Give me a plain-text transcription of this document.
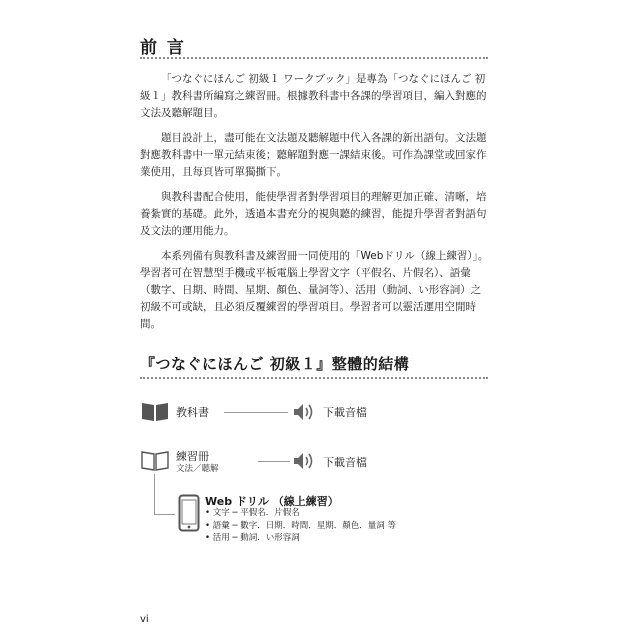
前 言

「つなぐにほんご 初級１ ワークブック」是專為「つなぐにほんご 初級１」教科書所編寫之練習冊。根據教科書中各課的學習項目，編入對應的文法及聽解題目。

題目設計上，盡可能在文法題及聽解題中代入各課的新出語句。文法題對應教科書中一單元結束後；聽解題對應一課結束後。可作為課堂或回家作業使用，且每頁皆可單獨撕下。

與教科書配合使用，能使學習者對學習項目的理解更加正確、清晰，培養紮實的基礎。此外，透過本書充分的視與聽的練習，能提升學習者對語句及文法的運用能力。

本系列備有與教科書及練習冊一同使用的「Webドリル（線上練習）」。學習者可在智慧型手機或平板電腦上學習文字（平假名、片假名）、語彙（數字、日期、時間、星期、顏色、量詞等）、活用（動詞、い形容詞）之初級不可或缺，且必須反覆練習的學習項目。學習者可以靈活運用空閒時間。

『つなぐにほんご 初級１』整體的結構
教科書	下載音檔
練習冊
文法／聽解	下載音檔
Web ドリル （線上練習）
• 文字 ─ 平假名．片假名
• 語彙 ─ 數字．日期．時間．星期．顏色．量詞 等
• 活用 ─ 動詞．い形容詞
vi
